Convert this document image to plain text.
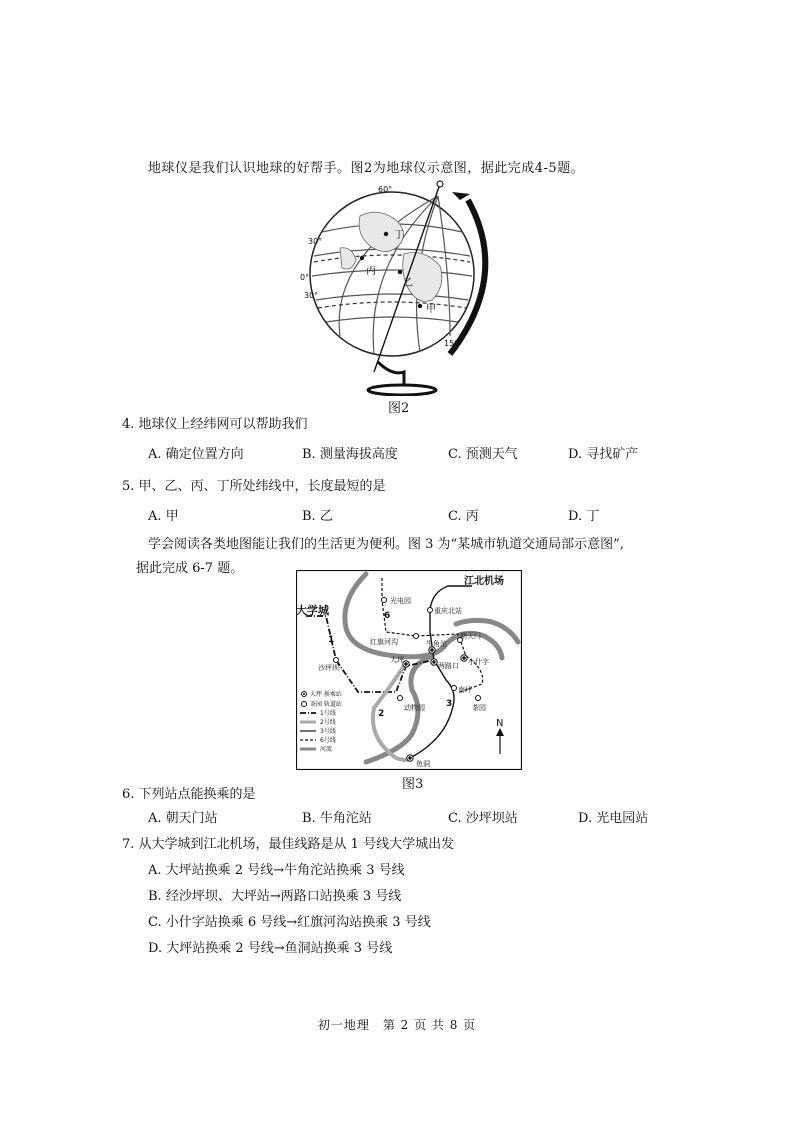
地球仪是我们认识地球的好帮手。图2为地球仪示意图，据此完成4-5题。
60°
30°
0°
30°
150°
甲
乙
丙
丁
图2
4. 地球仪上经纬网可以帮助我们
A. 确定位置方向	B. 测量海拔高度	C. 预测天气	D. 寻找矿产
5. 甲、乙、丙、丁所处纬线中，长度最短的是
A. 甲	B. 乙	C. 丙	D. 丁
学会阅读各类地图能让我们的生活更为便利。图 3 为“某城市轨道交通局部示意图”,
据此完成 6-7 题。
大学城
光电园
江北机场
重庆北站
红旗河沟	牛角沱
朝天门
小什字
沙坪坝
大坪
两路口
南坪
动物园	茶园
鱼洞
1
2
3
6
N
大坪 换乘站
茶园 轨道站
1号线
2号线
3号线
6号线
河流
图3
6. 下列站点能换乘的是
A. 朝天门站	B. 牛角沱站	C. 沙坪坝站	D. 光电园站
7. 从大学城到江北机场，最佳线路是从 1 号线大学城出发
A. 大坪站换乘 2 号线→牛角沱站换乘 3 号线
B. 经沙坪坝、大坪站→两路口站换乘 3 号线
C. 小什字站换乘 6 号线→红旗河沟站换乘 3 号线
D. 大坪站换乘 2 号线→鱼洞站换乘 3 号线
初一地理　第 2 页 共 8 页
